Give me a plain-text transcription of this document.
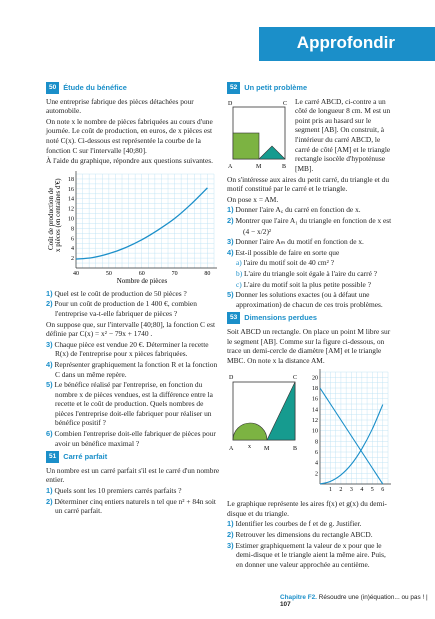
Approfondir
50 Étude du bénéfice

Une entreprise fabrique des pièces détachées pour automobile.

On note x le nombre de pièces fabriquées au cours d'une journée. Le coût de production, en euros, de x pièces est noté C(x). Ci-dessous est représentée la courbe de la fonction C sur l'intervalle [40;80].

À l'aide du graphique, répondre aux questions suivantes.

40	50	60	70	80
2
4
6
8
10
12
14
16
18
Coût de production de x pièces (en centaines d'€)
Nombre de pièces
1) Quel est le coût de production de 50 pièces ?
2) Pour un coût de production de 1 400 €, combien l'entreprise va-t-elle fabriquer de pièces ?

On suppose que, sur l'intervalle [40;80], la fonction C est définie par C(x) = x² − 79x + 1740 .

3) Chaque pièce est vendue 20 €. Déterminer la recette R(x) de l'entreprise pour x pièces fabriquées.
4) Représenter graphiquement la fonction R et la fonction C dans un même repère.
5) Le bénéfice réalisé par l'entreprise, en fonction du nombre x de pièces vendues, est la différence entre la recette et le coût de production. Quels nombres de pièces l'entreprise doit-elle fabriquer pour réaliser un bénéfice positif ?
6) Combien l'entreprise doit-elle fabriquer de pièces pour avoir un bénéfice maximal ?
51 Carré parfait

Un nombre est un carré parfait s'il est le carré d'un nombre entier.

1) Quels sont les 10 premiers carrés parfaits ?
2) Déterminer cinq entiers naturels n tel que n² + 84n soit un carré parfait.
52 Un petit problème
D	C
A	M	B

Le carré ABCD, ci-contre a un côté de longueur 8 cm. M est un point pris au hasard sur le segment [AB]. On construit, à l'intérieur du carré ABCD, le carré de côté [AM] et le triangle rectangle isocèle d'hypoténuse [MB].

On s'intéresse aux aires du petit carré, du triangle et du motif constitué par le carré et le triangle.

On pose x = AM.

1) Donner l'aire A꜀ du carré en fonction de x.
2) Montrer que l'aire A₁ du triangle en fonction de x est
(4 − x/2)²
3) Donner l'aire Aₘ du motif en fonction de x.
4) Est-il possible de faire en sorte que
a) l'aire du motif soit de 40 cm² ?
b) L'aire du triangle soit égale à l'aire du carré ?
c) L'aire du motif soit la plus petite possible ?
5) Donner les solutions exactes (ou à défaut une approximation) de chacun de ces trois problèmes.
53 Dimensions perdues

Soit ABCD un rectangle. On place un point M libre sur le segment [AB]. Comme sur la figure ci-dessous, on trace un demi-cercle de diamètre [AM] et le triangle MBC. On note x la distance AM.

D	C
A x M	B
1 2 3 4 5 6
2
4
6
8
10
12
14
16
18
20

Le graphique représente les aires f(x) et g(x) du demi-disque et du triangle.

1) Identifier les courbes de f et de g. Justifier.
2) Retrouver les dimensions du rectangle ABCD.
3) Estimer graphiquement la valeur de x pour que le demi-disque et le triangle aient la même aire. Puis, en donner une valeur approchée au centième.
Chapitre F2. Résoudre une (in)équation... ou pas ! | 107
